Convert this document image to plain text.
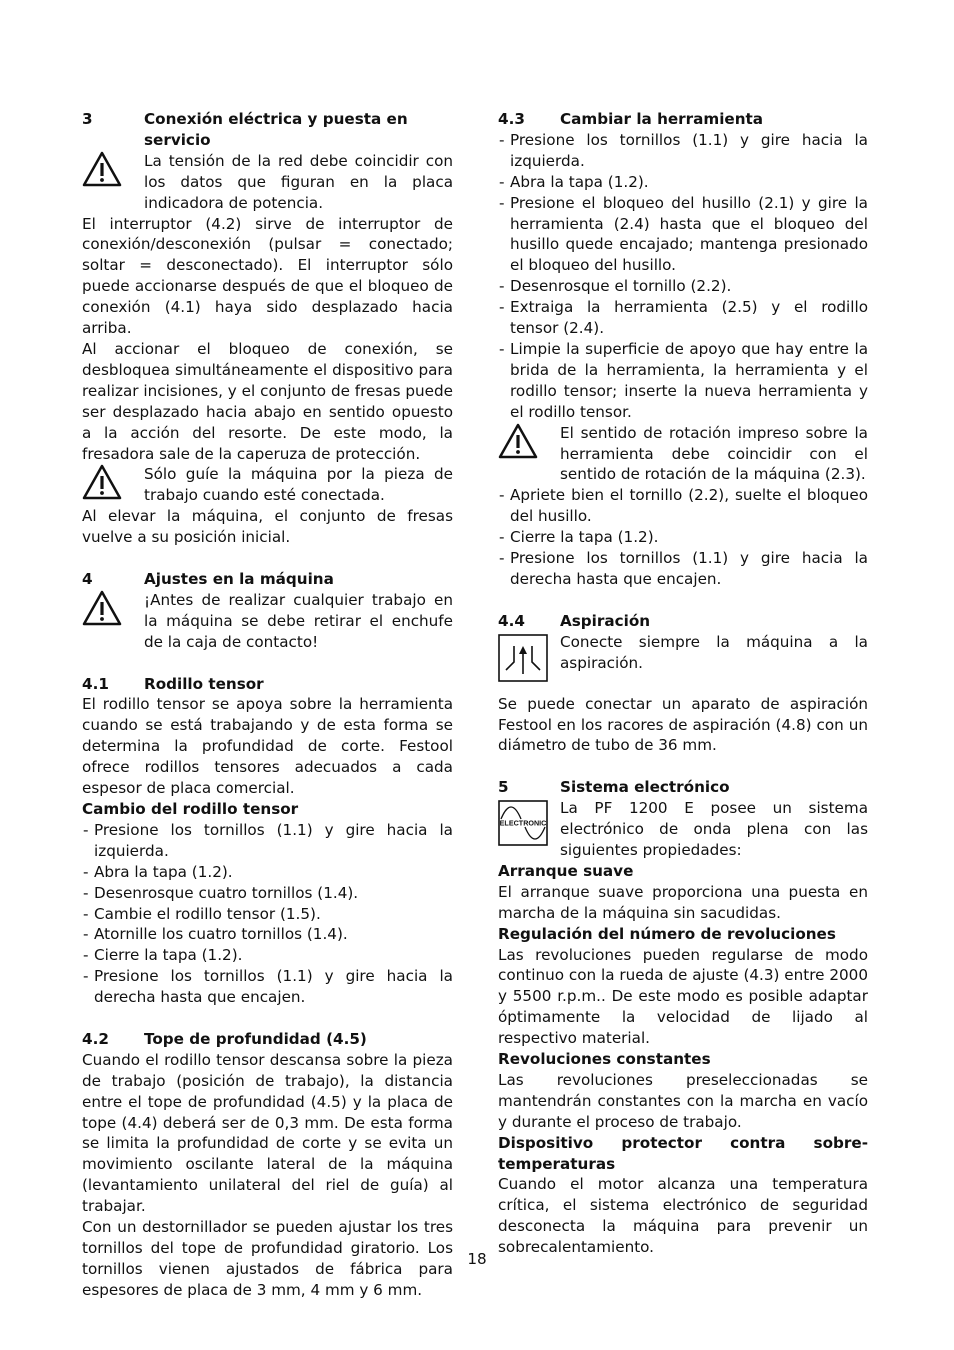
3	Conexión eléctrica y puesta en servicio
La tensión de la red debe coincidir con los datos que figuran en la placa indicadora de potencia.

El interruptor (4.2) sirve de interruptor de conexión/desconexión (pulsar = conectado; soltar = desconectado). El interruptor sólo puede accionarse después de que el bloqueo de conexión (4.1) haya sido desplazado hacia arriba.

Al accionar el bloqueo de conexión, se desbloquea simultáneamente el dispositivo para realizar incisiones, y el conjunto de fresas puede ser desplazado hacia abajo en sentido opuesto a la acción del resorte. De este modo, la fresadora sale de la caperuza de protección.

Sólo guíe la máquina por la pieza de trabajo cuando esté conectada.

Al elevar la máquina, el conjunto de fresas vuelve a su posición inicial.

4	Ajustes en la máquina
¡Antes de realizar cualquier trabajo en la máquina se debe retirar el enchufe de la caja de contacto!
4.1	Rodillo tensor

El rodillo tensor se apoya sobre la herramienta cuando se está trabajando y de esta forma se determina la profundidad de corte. Festool ofrece rodillos tensores adecuados a cada espesor de placa comercial.

Cambio del rodillo tensor

- Presione los tornillos (1.1) y gire hacia la izquierda.
- Abra la tapa (1.2).
- Desenrosque cuatro tornillos (1.4).
- Cambie el rodillo tensor (1.5).
- Atornille los cuatro tornillos (1.4).
- Cierre la tapa (1.2).
- Presione los tornillos (1.1) y gire hacia la derecha hasta que encajen.
4.2	Tope de profundidad (4.5)

Cuando el rodillo tensor descansa sobre la pieza de trabajo (posición de trabajo), la distancia entre el tope de profundidad (4.5) y la placa de tope (4.4) deberá ser de 0,3 mm. De esta forma se limita la profundidad de corte y se evita un movimiento oscilante lateral de la máquina (levantamiento unilateral del riel de guía) al trabajar.

Con un destornillador se pueden ajustar los tres tornillos del tope de profundidad giratorio. Los tornillos vienen ajustados de fábrica para espesores de placa de 3 mm, 4 mm y 6 mm.

4.3	Cambiar la herramienta
- Presione los tornillos (1.1) y gire hacia la izquierda.
- Abra la tapa (1.2).
- Presione el bloqueo del husillo (2.1) y gire la herramienta (2.4) hasta que el bloqueo del husillo quede encajado; mantenga presionado el bloqueo del husillo.
- Desenrosque el tornillo (2.2).
- Extraiga la herramienta (2.5) y el rodillo tensor (2.4).
- Limpie la superficie de apoyo que hay entre la brida de la herramienta, la herramienta y el rodillo tensor; inserte la nueva herramienta y el rodillo tensor.
El sentido de rotación impreso sobre la herramienta debe coincidir con el sentido de rotación de la máquina (2.3).
- Apriete bien el tornillo (2.2), suelte el bloqueo del husillo.
- Cierre la tapa (1.2).
- Presione los tornillos (1.1) y gire hacia la derecha hasta que encajen.
4.4	Aspiración
Conecte siempre la máquina a la aspiración.

Se puede conectar un aparato de aspiración Festool en los racores de aspiración (4.8) con un diámetro de tubo de 36 mm.

5	Sistema electrónico
ELECTRONIC
La PF 1200 E posee un sistema electrónico de onda plena con las siguientes propiedades:

Arranque suave

El arranque suave proporciona una puesta en marcha de la máquina sin sacudidas.

Regulación del número de revoluciones

Las revoluciones pueden regularse de modo continuo con la rueda de ajuste (4.3) entre 2000 y 5500 r.p.m.. De este modo es posible adaptar óptimamente la velocidad de lijado al respectivo material.

Revoluciones constantes

Las revoluciones preseleccionadas se mantendrán constantes con la marcha en vacío y durante el proceso de trabajo.

Dispositivo protector contra sobre-temperaturas

Cuando el motor alcanza una temperatura crítica, el sistema electrónico de seguridad desconecta la máquina para prevenir un sobrecalentamiento.

18
